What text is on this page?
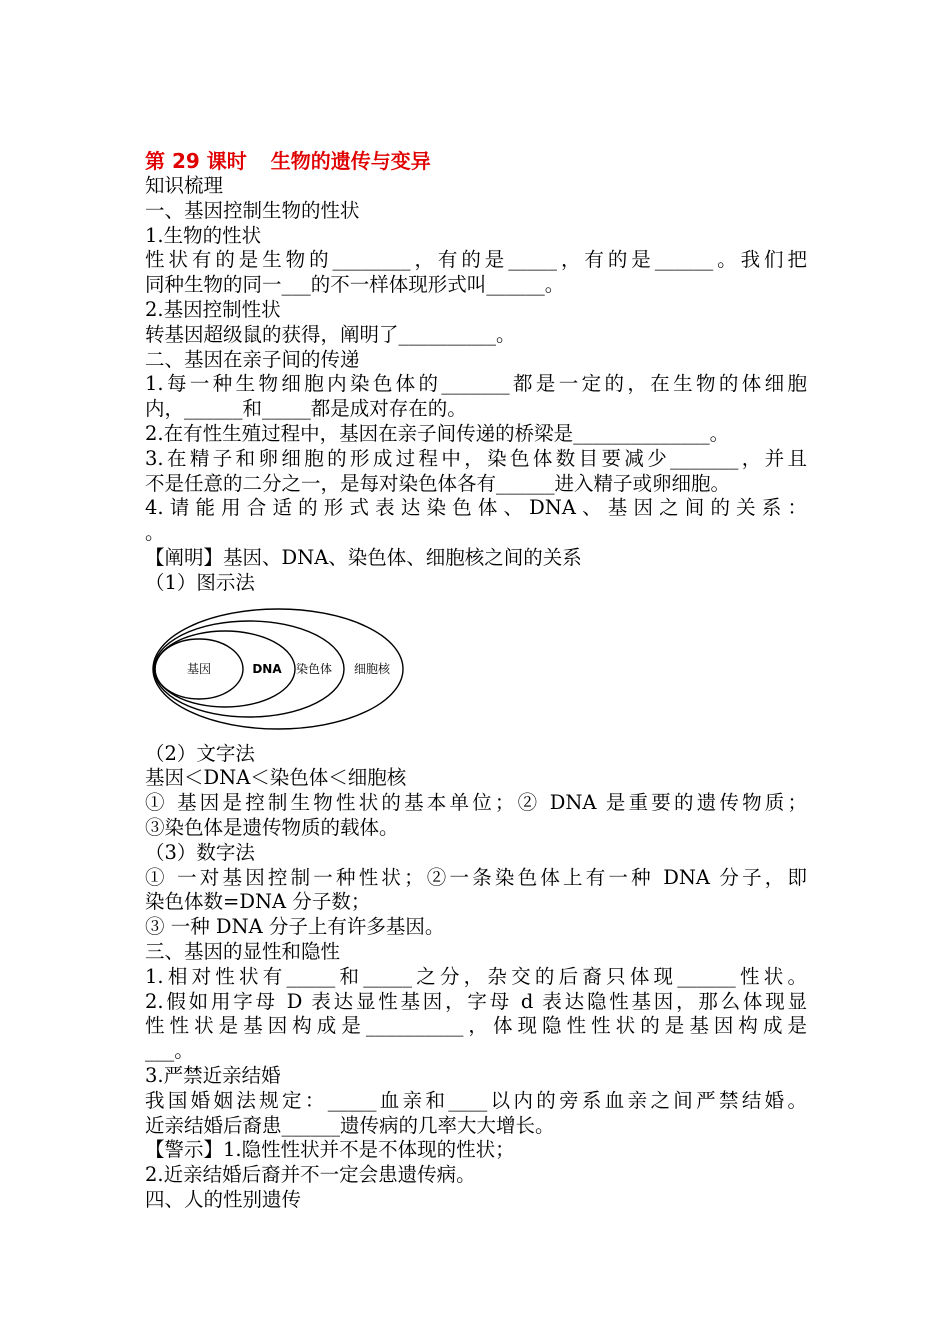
第 29 课时 生物的遗传与变异
知识梳理
一、基因控制生物的性状
1.生物的性状
性状有的是生物的________，有的是_____，有的是______。我们把
同种生物的同一___的不一样体现形式叫______。
2.基因控制性状
转基因超级鼠的获得，阐明了__________。
二、基因在亲子间的传递
1.每一种生物细胞内染色体的_______都是一定的，在生物的体细胞
内，______和_____都是成对存在的。
2.在有性生殖过程中，基因在亲子间传递的桥梁是______________。
3.在精子和卵细胞的形成过程中，染色体数目要减少_______，并且
不是任意的二分之一，是每对染色体各有______进入精子或卵细胞。
4.请能用合适的形式表达染色体、DNA、基因之间的关系：
。
【阐明】基因、DNA、染色体、细胞核之间的关系
（1）图示法
基因	DNA 染色体 细胞核
（2）文字法
基因＜DNA＜染色体＜细胞核
① 基因是控制生物性状的基本单位；② DNA 是重要的遗传物质；
③染色体是遗传物质的载体。
（3）数字法
① 一对基因控制一种性状；②一条染色体上有一种 DNA 分子，即
染色体数=DNA 分子数；
③ 一种 DNA 分子上有许多基因。
三、基因的显性和隐性
1.相对性状有_____和_____之分，杂交的后裔只体现______性状。
2.假如用字母 D 表达显性基因，字母 d 表达隐性基因，那么体现显
性性状是基因构成是__________，体现隐性性状的是基因构成是
___。
3.严禁近亲结婚
我国婚姻法规定：_____血亲和____以内的旁系血亲之间严禁结婚。
近亲结婚后裔患______遗传病的几率大大增长。
【警示】1.隐性性状并不是不体现的性状；
2.近亲结婚后裔并不一定会患遗传病。
四、人的性别遗传
